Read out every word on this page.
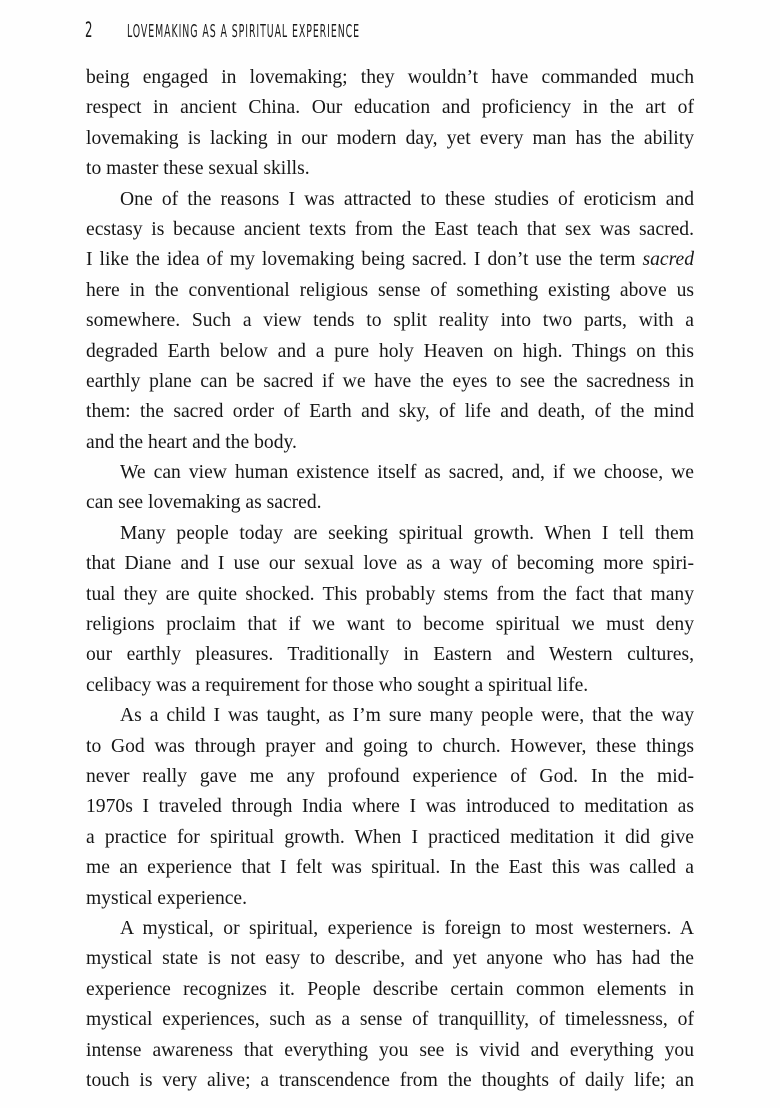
2	LOVEMAKING AS A SPIRITUAL EXPERIENCE
being engaged in lovemaking; they wouldn’t have commanded much
respect in ancient China. Our education and proficiency in the art of
lovemaking is lacking in our modern day, yet every man has the ability
to master these sexual skills.
One of the reasons I was attracted to these studies of eroticism and
ecstasy is because ancient texts from the East teach that sex was sacred.
I like the idea of my lovemaking being sacred. I don’t use the term sacred
here in the conventional religious sense of something existing above us
somewhere. Such a view tends to split reality into two parts, with a
degraded Earth below and a pure holy Heaven on high. Things on this
earthly plane can be sacred if we have the eyes to see the sacredness in
them: the sacred order of Earth and sky, of life and death, of the mind
and the heart and the body.
We can view human existence itself as sacred, and, if we choose, we
can see lovemaking as sacred.
Many people today are seeking spiritual growth. When I tell them
that Diane and I use our sexual love as a way of becoming more spiri-
tual they are quite shocked. This probably stems from the fact that many
religions proclaim that if we want to become spiritual we must deny
our earthly pleasures. Traditionally in Eastern and Western cultures,
celibacy was a requirement for those who sought a spiritual life.
As a child I was taught, as I’m sure many people were, that the way
to God was through prayer and going to church. However, these things
never really gave me any profound experience of God. In the mid-
1970s I traveled through India where I was introduced to meditation as
a practice for spiritual growth. When I practiced meditation it did give
me an experience that I felt was spiritual. In the East this was called a
mystical experience.
A mystical, or spiritual, experience is foreign to most westerners. A
mystical state is not easy to describe, and yet anyone who has had the
experience recognizes it. People describe certain common elements in
mystical experiences, such as a sense of tranquillity, of timelessness, of
intense awareness that everything you see is vivid and everything you
touch is very alive; a transcendence from the thoughts of daily life; an
